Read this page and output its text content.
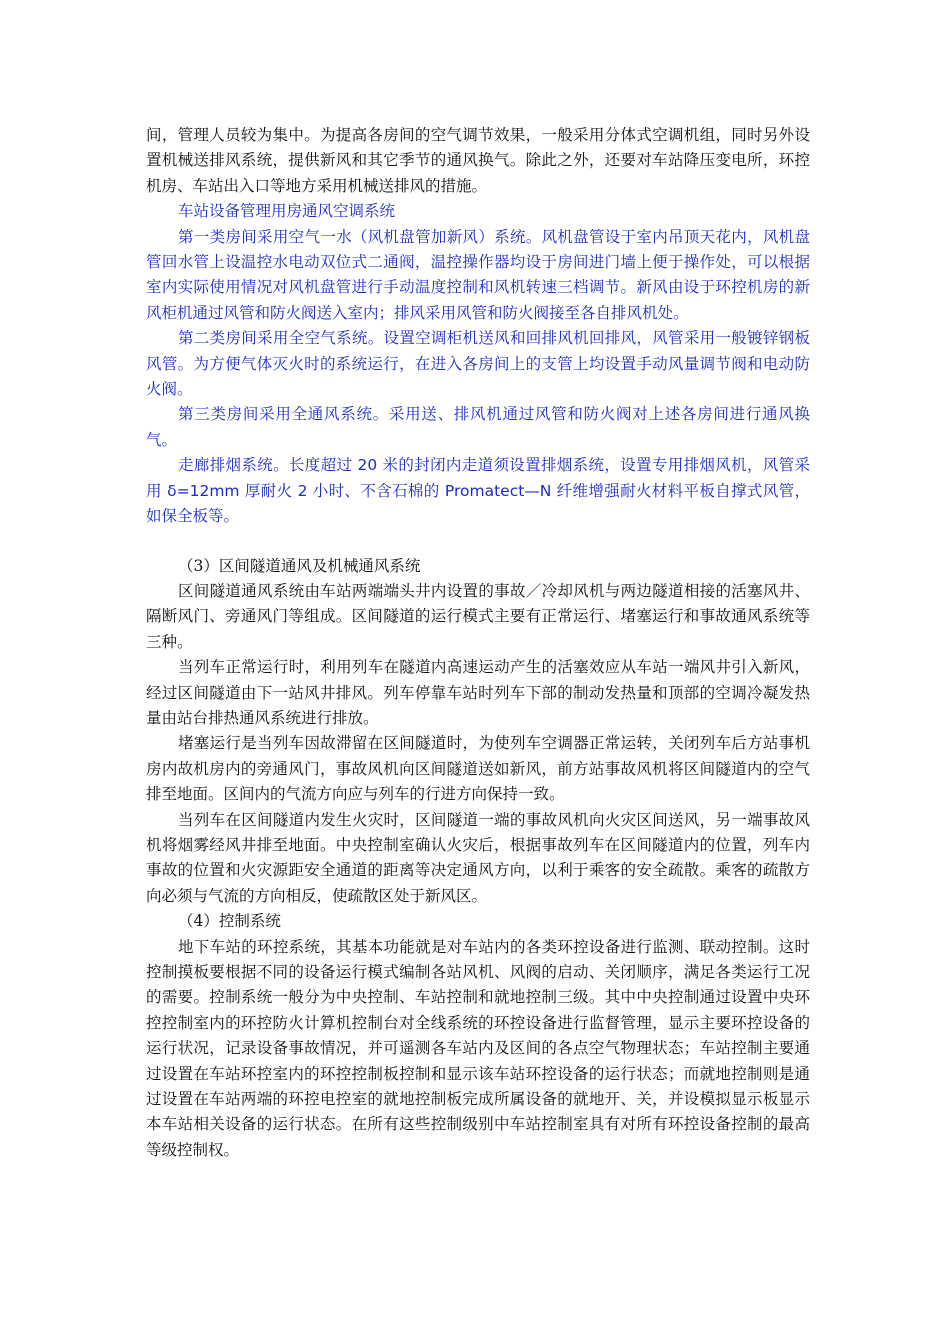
间，管理人员较为集中。为提高各房间的空气调节效果，一般采用分体式空调机组，同时另外设置机械送排风系统，提供新风和其它季节的通风换气。除此之外，还要对车站降压变电所，环控机房、车站出入口等地方采用机械送排风的措施。

车站设备管理用房通风空调系统

第一类房间采用空气一水（风机盘管加新风）系统。风机盘管设于室内吊顶天花内，风机盘管回水管上设温控水电动双位式二通阀，温控操作器均设于房间进门墙上便于操作处，可以根据室内实际使用情况对风机盘管进行手动温度控制和风机转速三档调节。新风由设于环控机房的新风柜机通过风管和防火阀送入室内；排风采用风管和防火阀接至各自排风机处。

第二类房间采用全空气系统。设置空调柜机送风和回排风机回排风，风管采用一般镀锌钢板风管。为方便气体灭火时的系统运行，在进入各房间上的支管上均设置手动风量调节阀和电动防火阀。

第三类房间采用全通风系统。采用送、排风机通过风管和防火阀对上述各房间进行通风换气。

走廊排烟系统。长度超过 20 米的封闭内走道须设置排烟系统，设置专用排烟风机，风管采用 δ=12mm 厚耐火 2 小时、不含石棉的 Promatect—N 纤维增强耐火材料平板自撑式风管，如保全板等。

（3）区间隧道通风及机械通风系统

区间隧道通风系统由车站两端端头井内设置的事故／冷却风机与两边隧道相接的活塞风井、隔断风门、旁通风门等组成。区间隧道的运行模式主要有正常运行、堵塞运行和事故通风系统等三种。

当列车正常运行时，利用列车在隧道内高速运动产生的活塞效应从车站一端风井引入新风，经过区间隧道由下一站风井排风。列车停靠车站时列车下部的制动发热量和顶部的空调冷凝发热量由站台排热通风系统进行排放。

堵塞运行是当列车因故滞留在区间隧道时，为使列车空调器正常运转，关闭列车后方站事机房内故机房内的旁通风门，事故风机向区间隧道送如新风，前方站事故风机将区间隧道内的空气排至地面。区间内的气流方向应与列车的行进方向保持一致。

当列车在区间隧道内发生火灾时，区间隧道一端的事故风机向火灾区间送风，另一端事故风机将烟雾经风井排至地面。中央控制室确认火灾后，根据事故列车在区间隧道内的位置，列车内事故的位置和火灾源距安全通道的距离等决定通风方向，以利于乘客的安全疏散。乘客的疏散方向必须与气流的方向相反，使疏散区处于新风区。

（4）控制系统

地下车站的环控系统，其基本功能就是对车站内的各类环控设备进行监测、联动控制。这时控制摸板要根据不同的设备运行模式编制各站风机、风阀的启动、关闭顺序，满足各类运行工况的需要。控制系统一般分为中央控制、车站控制和就地控制三级。其中中央控制通过设置中央环控控制室内的环控防火计算机控制台对全线系统的环控设备进行监督管理，显示主要环控设备的运行状况，记录设备事故情况，并可遥测各车站内及区间的各点空气物理状态；车站控制主要通过设置在车站环控室内的环控控制板控制和显示该车站环控设备的运行状态；而就地控制则是通过设置在车站两端的环控电控室的就地控制板完成所属设备的就地开、关，并设模拟显示板显示本车站相关设备的运行状态。在所有这些控制级别中车站控制室具有对所有环控设备控制的最高等级控制权。
